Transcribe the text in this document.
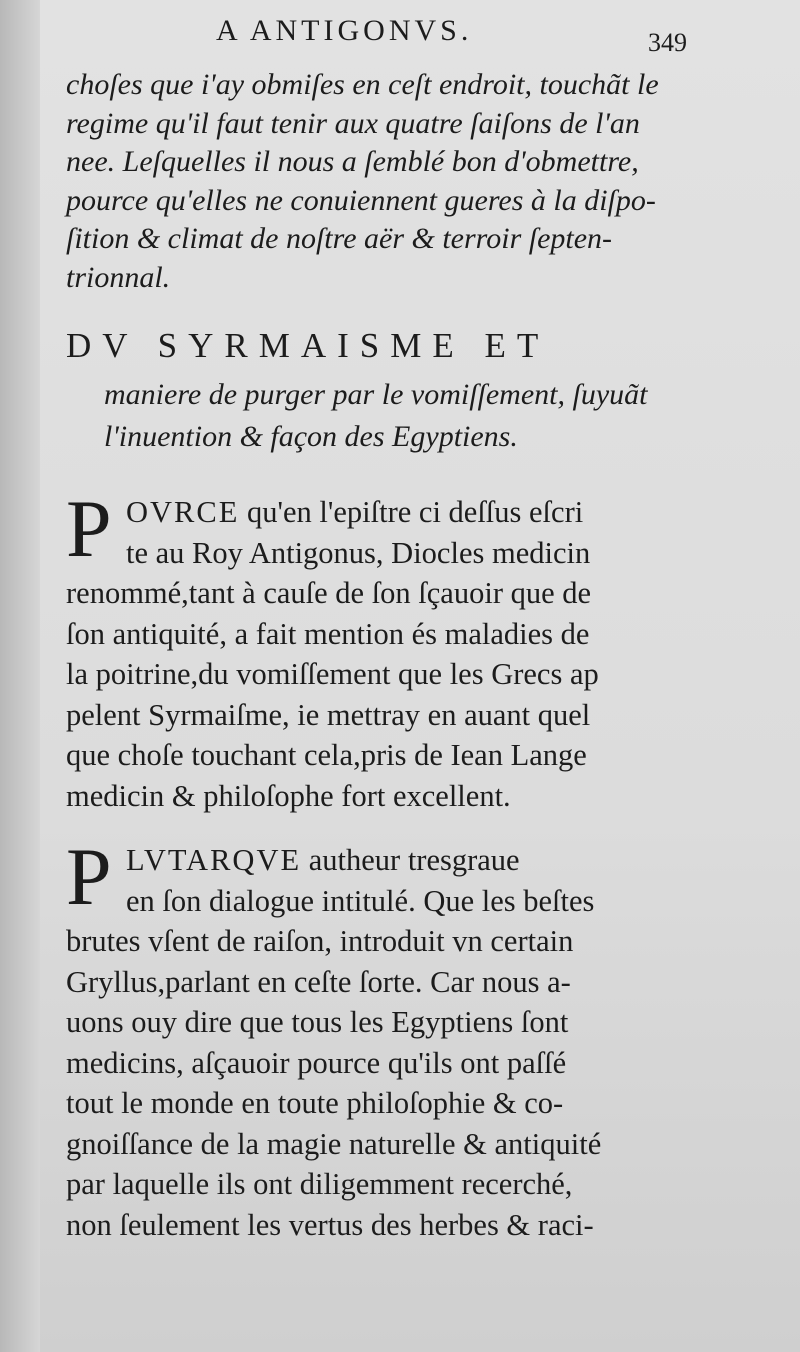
A ANTIGONVS.	349
choſes que i'ay obmiſes en ceſt endroit, touchãt le
regime qu'il faut tenir aux quatre ſaiſons de l'an
nee. Leſquelles il nous a ſemblé bon d'obmettre,
pource qu'elles ne conuiennent gueres à la diſpo-
ſition & climat de noſtre aër & terroir ſepten-
trionnal.
DV SYRMAISME ET
maniere de purger par le vomiſſement, ſuyuãt
l'inuention & façon des Egyptiens.
P OVRCE qu'en l'epiſtre ci deſſus eſcri
te au Roy Antigonus, Diocles medicin
renommé,tant à cauſe de ſon ſçauoir que de
ſon antiquité, a fait mention és maladies de
la poitrine,du vomiſſement que les Grecs ap
pelent Syrmaiſme, ie mettray en auant quel
que choſe touchant cela,pris de Iean Lange
medicin & philoſophe fort excellent.
P LVTARQVE autheur tresgraue
en ſon dialogue intitulé. Que les beſtes
brutes vſent de raiſon, introduit vn certain
Gryllus,parlant en ceſte ſorte. Car nous a-
uons ouy dire que tous les Egyptiens ſont
medicins, aſçauoir pource qu'ils ont paſſé
tout le monde en toute philoſophie & co-
gnoiſſance de la magie naturelle & antiquité
par laquelle ils ont diligemment recerché,
non ſeulement les vertus des herbes & raci-
